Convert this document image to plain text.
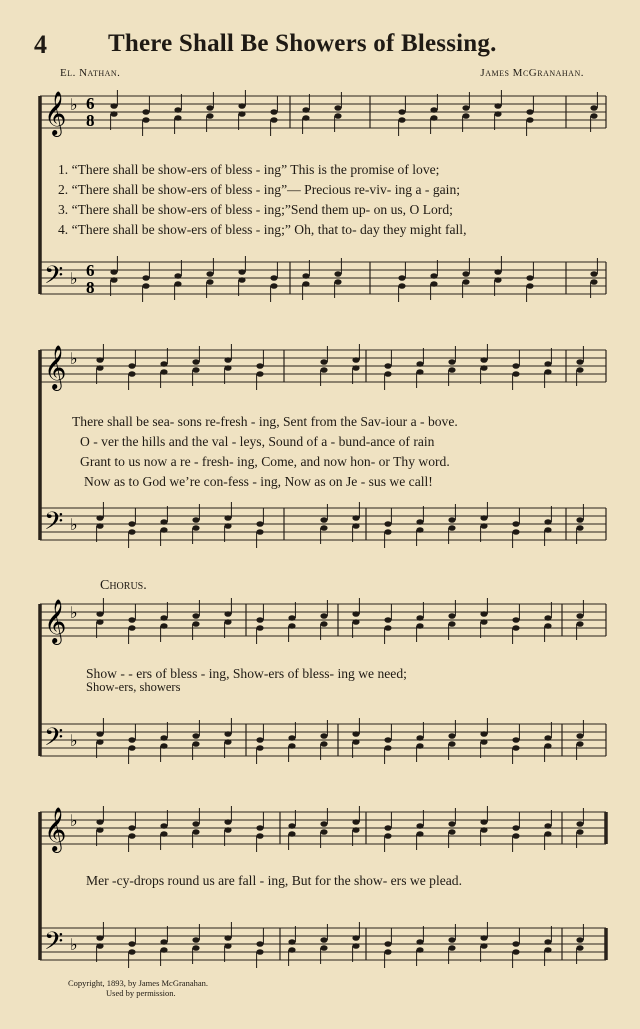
4 There Shall Be Showers of Blessing.
El. Nathan.	James McGranahan.
𝄞 ♭
𝄢 ♭
𝄞 ♭
𝄢 ♭
𝄞 ♭
𝄢 ♭
𝄞 ♭
𝄢 ♭
6
8
6
8
1. “There shall be show-ers of bless - ing” This is the promise of love;
2. “There shall be show-ers of bless - ing”— Precious re-viv- ing a - gain;
3. “There shall be show-ers of bless - ing;”Send them up- on us, O Lord;
4. “There shall be show-ers of bless - ing;” Oh, that to- day they might fall,
There shall be sea- sons re-fresh - ing, Sent from the Sav-iour a - bove.
O - ver the hills and the val - leys, Sound of a - bund-ance of rain
Grant to us now a re - fresh- ing, Come, and now hon- or Thy word.
Now as to God we’re con-fess - ing, Now as on Je - sus we call!
Chorus.
Show - - ers of bless - ing, Show-ers of bless- ing we need;
Show-ers, showers
Mer -cy-drops round us are fall - ing, But for the show- ers we plead.
Copyright, 1893, by James McGranahan.
Used by permission.
